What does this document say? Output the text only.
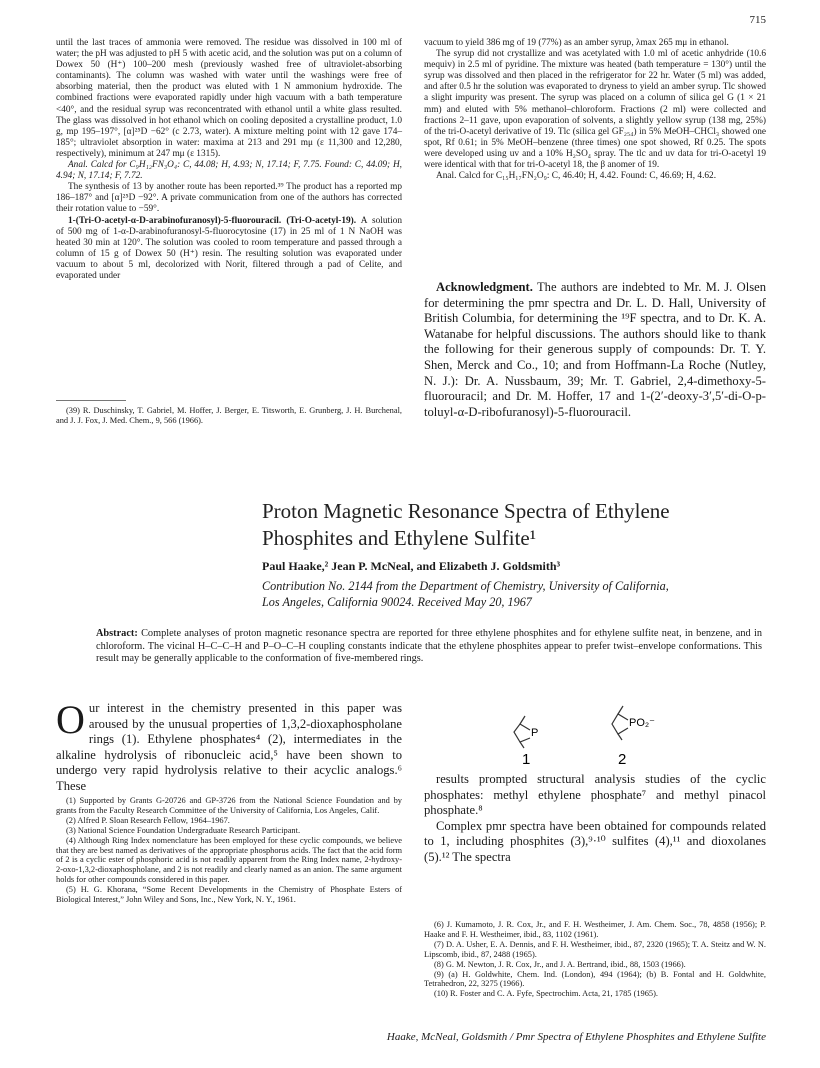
715

until the last traces of ammonia were removed. The residue was dissolved in 100 ml of water; the pH was adjusted to pH 5 with acetic acid, and the solution was put on a column of Dowex 50 (H⁺) 100–200 mesh (previously washed free of ultraviolet-absorbing contaminants). The column was washed with water until the washings were free of absorbing material, then the product was eluted with 1 N ammonium hydroxide. The combined fractions were evaporated rapidly under high vacuum with a bath temperature <40°, and the residual syrup was reconcentrated with ethanol until a white glass resulted. The glass was dissolved in hot ethanol which on cooling deposited a crystalline product, 1.0 g, mp 195–197°, [α]²⁵D −62° (c 2.73, water). A mixture melting point with 12 gave 174–185°; ultraviolet absorption in water: maxima at 213 and 291 mμ (ε 11,300 and 12,280, respectively), minimum at 247 mμ (ε 1315).

Anal. Calcd for C₉H₁₂FN₃O₄: C, 44.08; H, 4.93; N, 17.14; F, 7.75. Found: C, 44.09; H, 4.94; N, 17.14; F, 7.72.

The synthesis of 13 by another route has been reported.³⁹ The product has a reported mp 186–187° and [α]²⁵D −92°. A private communication from one of the authors has corrected their rotation value to −59°.

1-(Tri-O-acetyl-α-D-arabinofuranosyl)-5-fluorouracil. (Tri-O-acetyl-19). A solution of 500 mg of 1-α-D-arabinofuranosyl-5-fluorocytosine (17) in 25 ml of 1 N NaOH was heated 30 min at 120°. The solution was cooled to room temperature and passed through a column of 15 g of Dowex 50 (H⁺) resin. The resulting solution was evaporated under vacuum to about 5 ml, decolorized with Norit, filtered through a pad of Celite, and evaporated under

(39) R. Duschinsky, T. Gabriel, M. Hoffer, J. Berger, E. Titsworth, E. Grunberg, J. H. Burchenal, and J. J. Fox, J. Med. Chem., 9, 566 (1966).

vacuum to yield 386 mg of 19 (77%) as an amber syrup, λmax 265 mμ in ethanol.

The syrup did not crystallize and was acetylated with 1.0 ml of acetic anhydride (10.6 mequiv) in 2.5 ml of pyridine. The mixture was heated (bath temperature = 130°) until the syrup was dissolved and then placed in the refrigerator for 22 hr. Water (5 ml) was added, and after 0.5 hr the solution was evaporated to dryness to yield an amber syrup. Tlc showed a slight impurity was present. The syrup was placed on a column of silica gel G (1 × 21 mm) and eluted with 5% methanol–chloroform. Fractions (2 ml) were collected and fractions 2–11 gave, upon evaporation of solvents, a slightly yellow syrup (138 mg, 25%) of the tri-O-acetyl derivative of 19. Tlc (silica gel GF₂₅₄) in 5% MeOH–CHCl₃ showed one spot, Rf 0.61; in 5% MeOH–benzene (three times) one spot showed, Rf 0.25. The spots were developed using uv and a 10% H₂SO₄ spray. The tlc and uv data for tri-O-acetyl 19 were identical with that for tri-O-acetyl 18, the β anomer of 19.

Anal. Calcd for C₁₅H₁₇FN₂O₉: C, 46.40; H, 4.42. Found: C, 46.69; H, 4.62.

Acknowledgment. The authors are indebted to Mr. M. J. Olsen for determining the pmr spectra and Dr. L. D. Hall, University of British Columbia, for determining the ¹⁹F spectra, and to Dr. K. A. Watanabe for helpful discussions. The authors should like to thank the following for their generous supply of compounds: Dr. T. Y. Shen, Merck and Co., 10; and from Hoffmann-La Roche (Nutley, N. J.): Dr. A. Nussbaum, 39; Mr. T. Gabriel, 2,4-dimethoxy-5-fluorouracil; and Dr. M. Hoffer, 17 and 1-(2′-deoxy-3′,5′-di-O-p-toluyl-α-D-ribofuranosyl)-5-fluorouracil.

Proton Magnetic Resonance Spectra of Ethylene
Phosphites and Ethylene Sulfite¹
Paul Haake,² Jean P. McNeal, and Elizabeth J. Goldsmith³
Contribution No. 2144 from the Department of Chemistry, University of California,
Los Angeles, California 90024. Received May 20, 1967
Abstract: Complete analyses of proton magnetic resonance spectra are reported for three ethylene phosphites and for ethylene sulfite neat, in benzene, and in chloroform. The vicinal H–C–C–H and P–O–C–H coupling constants indicate that the ethylene phosphites appear to prefer twist–envelope conformations. This result may be generally applicable to the conformation of five-membered rings.
Our interest in the chemistry presented in this paper was aroused by the unusual properties of 1,3,2-dioxaphospholane rings (1). Ethylene phosphates⁴ (2), intermediates in the alkaline hydrolysis of ribonucleic acid,⁵ have been shown to undergo very rapid hydrolysis relative to their acyclic analogs.⁶ These

(1) Supported by Grants G-20726 and GP-3726 from the National Science Foundation and by grants from the Faculty Research Committee of the University of California, Los Angeles, Calif.

(2) Alfred P. Sloan Research Fellow, 1964–1967.

(3) National Science Foundation Undergraduate Research Participant.

(4) Although Ring Index nomenclature has been employed for these cyclic compounds, we believe that they are best named as derivatives of the appropriate phosphorus acids. The fact that the acid form of 2 is a cyclic ester of phosphoric acid is not readily apparent from the Ring Index name, 2-hydroxy-2-oxo-1,3,2-dioxaphospholane, and 2 is not readily and clearly named as an anion. The same argument holds for other compounds considered in this paper.

(5) H. G. Khorana, “Some Recent Developments in the Chemistry of Phosphate Esters of Biological Interest,” John Wiley and Sons, Inc., New York, N. Y., 1961.

P
1
PO₂⁻
2

results prompted structural analysis studies of the cyclic phosphates: methyl ethylene phosphate⁷ and methyl pinacol phosphate.⁸

Complex pmr spectra have been obtained for compounds related to 1, including phosphites (3),⁹·¹⁰ sulfites (4),¹¹ and dioxolanes (5).¹² The spectra

(6) J. Kumamoto, J. R. Cox, Jr., and F. H. Westheimer, J. Am. Chem. Soc., 78, 4858 (1956); P. Haake and F. H. Westheimer, ibid., 83, 1102 (1961).

(7) D. A. Usher, E. A. Dennis, and F. H. Westheimer, ibid., 87, 2320 (1965); T. A. Steitz and W. N. Lipscomb, ibid., 87, 2488 (1965).

(8) G. M. Newton, J. R. Cox, Jr., and J. A. Bertrand, ibid., 88, 1503 (1966).

(9) (a) H. Goldwhite, Chem. Ind. (London), 494 (1964); (b) B. Fontal and H. Goldwhite, Tetrahedron, 22, 3275 (1966).

(10) R. Foster and C. A. Fyfe, Spectrochim. Acta, 21, 1785 (1965).

Haake, McNeal, Goldsmith / Pmr Spectra of Ethylene Phosphites and Ethylene Sulfite
